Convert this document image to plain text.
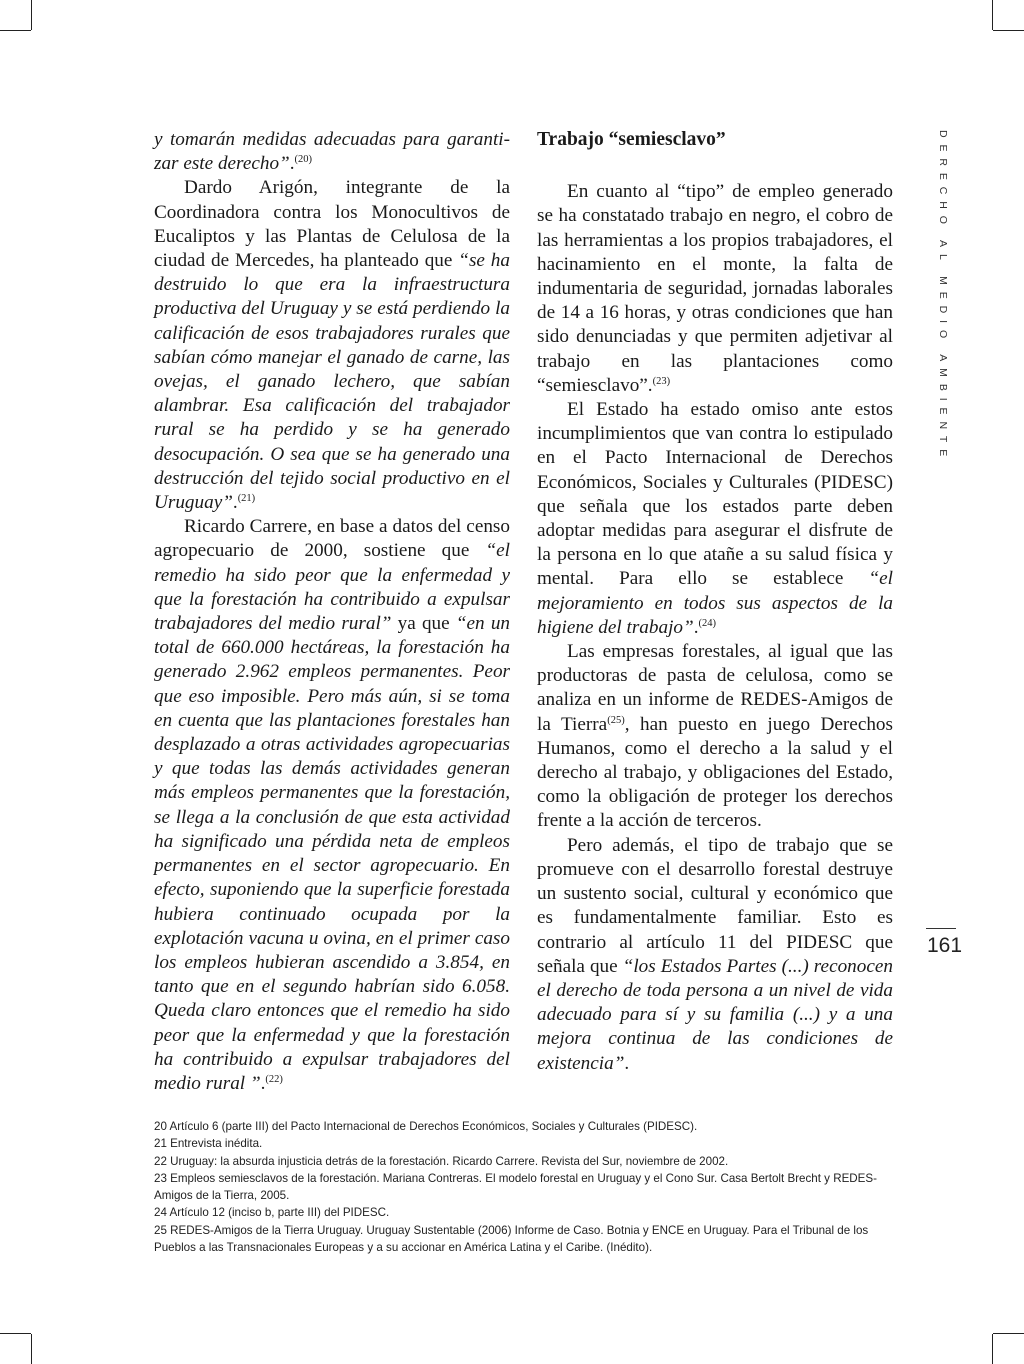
y tomarán medidas adecuadas para garantizar este derecho”.$^{(20)}$

Dardo Arigón, integrante de la Coordinadora contra los Monocultivos de Eucaliptos y las Plantas de Celulosa de la ciudad de Mercedes, ha planteado que “se ha destruido lo que era la infraestructura productiva del Uruguay y se está perdiendo la calificación de esos trabajadores rurales que sabían cómo manejar el ganado de carne, las ovejas, el ganado lechero, que sabían alambrar. Esa calificación del trabajador rural se ha perdido y se ha generado desocupación. O sea que se ha generado una destrucción del tejido social productivo en el Uruguay”.$^{(21)}$

Ricardo Carrere, en base a datos del censo agropecuario de 2000, sostiene que “el remedio ha sido peor que la enfermedad y que la forestación ha contribuido a expulsar trabajadores del medio rural” ya que “en un total de 660.000 hectáreas, la forestación ha generado 2.962 empleos permanentes. Peor que eso imposible. Pero más aún, si se toma en cuenta que las plantaciones forestales han desplazado a otras actividades agropecuarias y que todas las demás actividades generan más empleos permanentes que la forestación, se llega a la conclusión de que esta actividad ha significado una pérdida neta de empleos permanentes en el sector agropecuario. En efecto, suponiendo que la superficie forestada hubiera continuado ocupada por la explotación vacuna u ovina, en el primer caso los empleos hubieran ascendido a 3.854, en tanto que en el segundo habrían sido 6.058. Queda claro entonces que el remedio ha sido peor que la enfermedad y que la forestación ha contribuido a expulsar trabajadores del medio rural ”.$^{(22)}$

Trabajo “semiesclavo”

En cuanto al “tipo” de empleo generado se ha constatado trabajo en negro, el cobro de las herramientas a los propios trabajadores, el hacinamiento en el monte, la falta de indumentaria de seguridad, jornadas laborales de 14 a 16 horas, y otras condiciones que han sido denunciadas y que permiten adjetivar al trabajo en las plantaciones como “semiesclavo”.$^{(23)}$

El Estado ha estado omiso ante estos incumplimientos que van contra lo estipulado en el Pacto Internacional de Derechos Económicos, Sociales y Culturales (PIDESC) que señala que los estados parte deben adoptar medidas para asegurar el disfrute de la persona en lo que atañe a su salud física y mental. Para ello se establece “el mejoramiento en todos sus aspectos de la higiene del trabajo”.$^{(24)}$

Las empresas forestales, al igual que las productoras de pasta de celulosa, como se analiza en un informe de REDES-Amigos de la Tierra$^{(25)}$, han puesto en juego Derechos Humanos, como el derecho a la salud y el derecho al trabajo, y obligaciones del Estado, como la obligación de proteger los derechos frente a la acción de terceros.

Pero además, el tipo de trabajo que se promueve con el desarrollo forestal destruye un sustento social, cultural y económico que es fundamentalmente familiar. Esto es contrario al artículo 11 del PIDESC que señala que “los Estados Partes (...) reconocen el derecho de toda persona a un nivel de vida adecuado para sí y su familia (...) y a una mejora continua de las condiciones de existencia”.

DERECHO AL MEDIO AMBIENTE
161

20 Artículo 6 (parte III) del Pacto Internacional de Derechos Económicos, Sociales y Culturales (PIDESC).

21 Entrevista inédita.

22 Uruguay: la absurda injusticia detrás de la forestación. Ricardo Carrere. Revista del Sur, noviembre de 2002.

23 Empleos semiesclavos de la forestación. Mariana Contreras. El modelo forestal en Uruguay y el Cono Sur. Casa Bertolt Brecht y REDES-Amigos de la Tierra, 2005.

24 Artículo 12 (inciso b, parte III) del PIDESC.

25 REDES-Amigos de la Tierra Uruguay. Uruguay Sustentable (2006) Informe de Caso. Botnia y ENCE en Uruguay. Para el Tribunal de los Pueblos a las Transnacionales Europeas y a su accionar en América Latina y el Caribe. (Inédito).
